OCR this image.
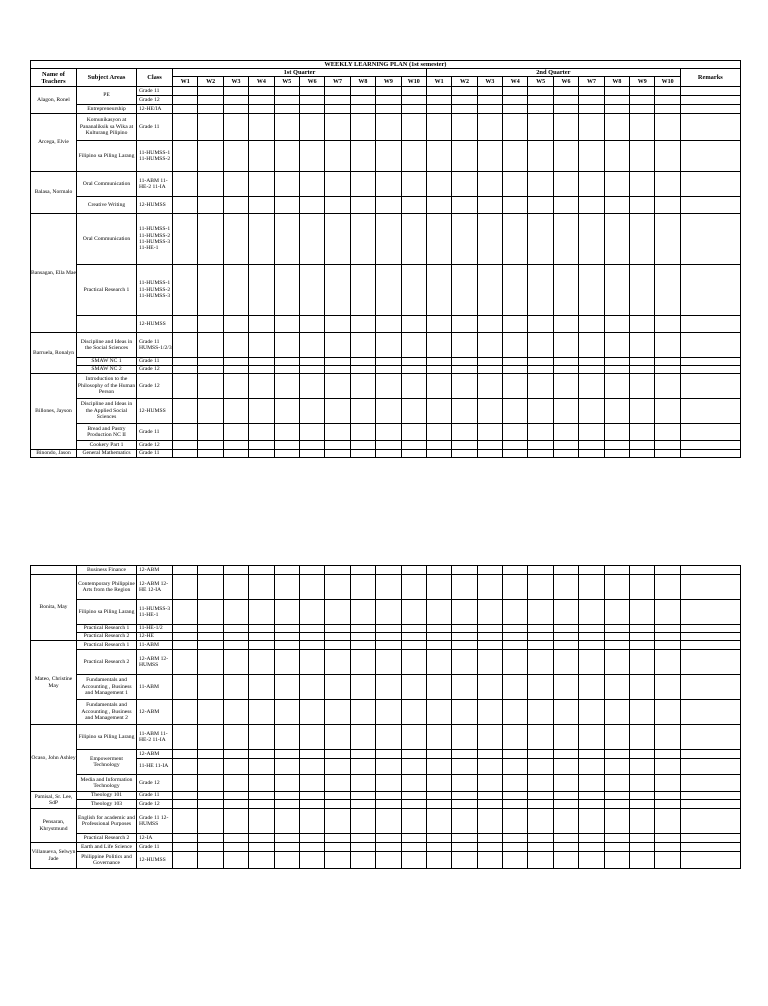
WEEKLY LEARNING PLAN (1st semester)																							
Name of Teachers	Subject Areas	Class	1st Quarter										2nd Quarter										Remarks
			W1	W2	W3	W4	W5	W6	W7	W8	W9	W10	W1	W2	W3	W4	W5	W6	W7	W8	W9	W10	
Alagon, Ronel	PE	Grade 11																					
		Grade 12																					
	Entrepreneurship	12-HE/IA																					
Arcega, Elvie	Komunikasyon at Pananaliksik sa Wika at Kulturang Pilipino	Grade 11																					
	Filipino sa Piling Larang	11-HUMSS-1 11-HUMSS-2																					
Balasa, Normalo	Oral Communication	11-ABM 11-HE-2 11-IA																					
	Creative Writing	12-HUMSS																					
Bansagan, Ella Mae	Oral Communication	11-HUMSS-1 11-HUMSS-2 11-HUMSS-3 11-HE-1																					
	Practical Research 1	11-HUMSS-1 11-HUMSS-2 11-HUMSS-3																					
		12-HUMSS																					
Barruela, Ronalyn	Discipline and Ideas in the Social Sciences	Grade 11 HUMSS-1/2/3																					
	SMAW NC 1	Grade 11																					
	SMAW NC 2	Grade 12																					
Billones, Jayson	Introduction to the Philosophy of the Human Person	Grade 12																					
	Discipline and Ideas in the Applied Social Sciences	12-HUMSS																					
	Bread and Pastry Production NC II	Grade 11																					
	Cookery Part 1	Grade 12																					
Binondo, Jason	General Mathematics	Grade 11																					
	Business Finance	12-ABM																					
Bonita, May	Contemporary Philippine Arts from the Region	12-ABM 12- HE 12-IA																					
	Filipino sa Piling Larang	11-HUMSS-3 11-HE-1																					
	Practical Research 1	11-HE-1/2																					
	Practical Research 2	12-HE																					
Mateo, Christine May	Practical Research 1	11-ABM																					
	Practical Research 2	12-ABM 12-HUMSS																					
	Fundamentals and Accounting , Business and Management 1	11-ABM																					
	Fundamentals and Accounting , Business and Management 2	12-ABM																					
Ocaso, John Ashley	Filipino sa Piling Larang	11-ABM 11-HE-2 11-IA																					
	Empowerment Technology	12-ABM																					
		11-HE 11-IA																					
	Media and Information Technology	Grade 12																					
Pamisal, Sr. Lee, SdP	Theology 101	Grade 11																					
	Theology 103	Grade 12																					
Pensaran, Khrystmund	English for academic and Professional Purposes	Grade 11 12-HUMSS																					
	Practical Research 2	12-IA																					
Villanueva, Selwyn Jade	Earth and Life Science	Grade 11																					
	Philippine Politics and Governance	12-HUMSS																					
